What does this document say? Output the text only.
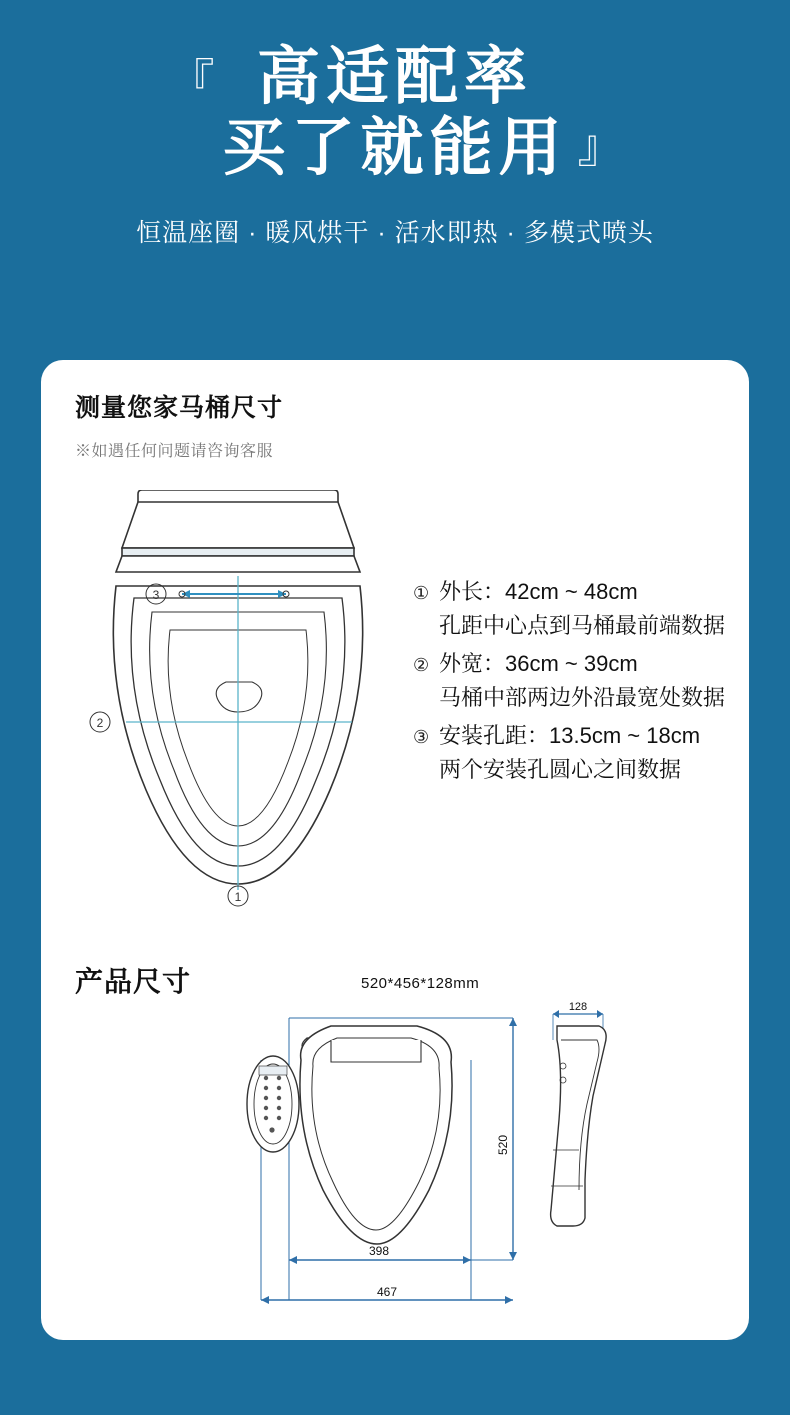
『 高适配率
买了就能用 』
恒温座圈 · 暖风烘干 · 活水即热 · 多模式喷头
测量您家马桶尺寸
※如遇任何问题请咨询客服
3
2
1
① 外长： 42cm ~ 48cm
孔距中心点到马桶最前端数据
② 外宽： 36cm ~ 39cm
马桶中部两边外沿最宽处数据
③ 安装孔距： 13.5cm ~ 18cm
两个安装孔圆心之间数据
产品尺寸	520*456*128mm
520
398
467
128
